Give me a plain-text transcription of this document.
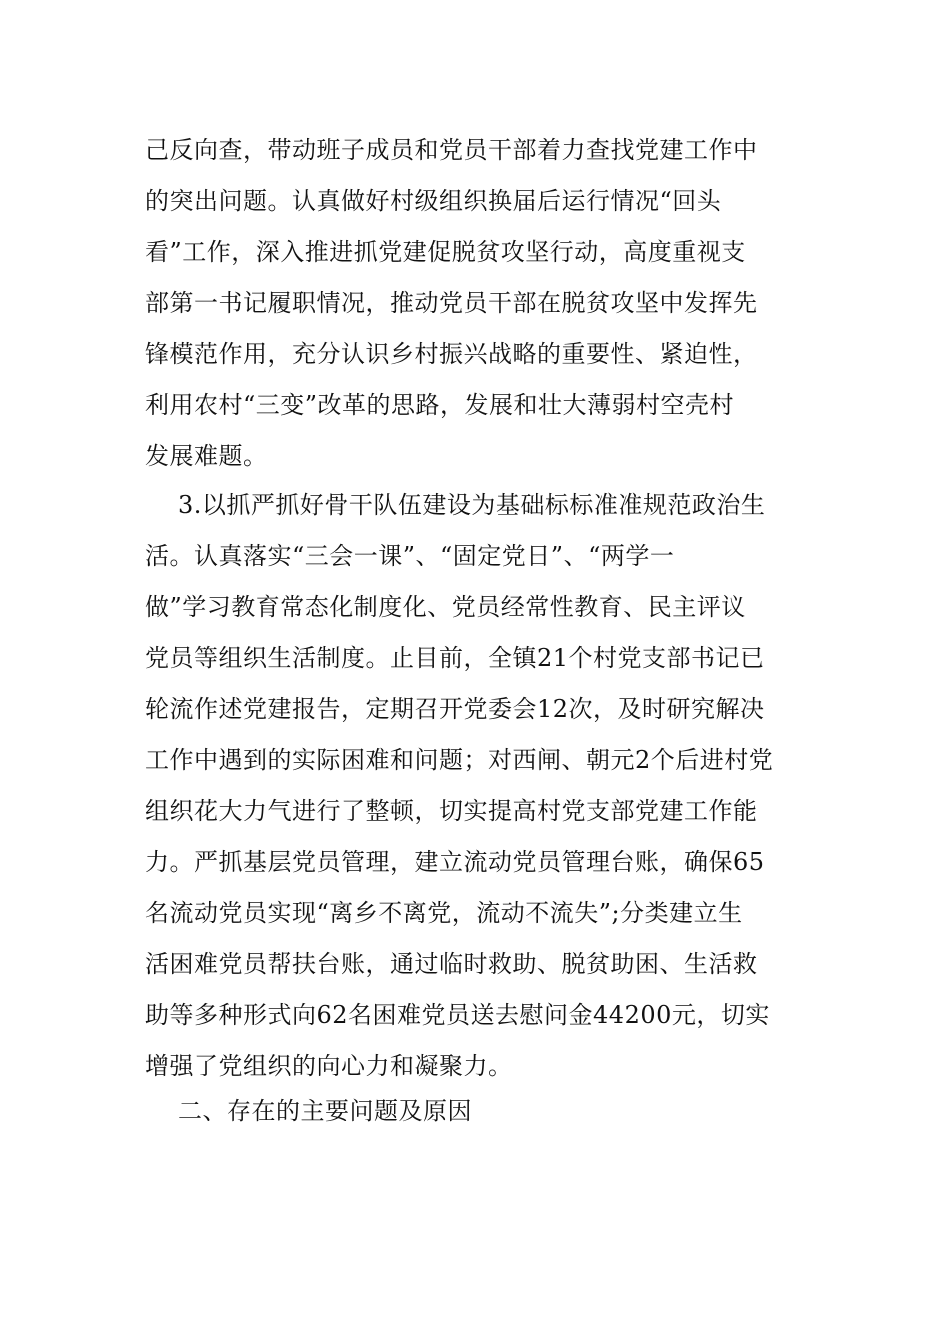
己反向查，带动班子成员和党员干部着力查找党建工作中
的突出问题。认真做好村级组织换届后运行情况“回头
看”工作，深入推进抓党建促脱贫攻坚行动，高度重视支
部第一书记履职情况，推动党员干部在脱贫攻坚中发挥先
锋模范作用，充分认识乡村振兴战略的重要性、紧迫性，
利用农村“三变”改革的思路，发展和壮大薄弱村空壳村
发展难题。
3.以抓严抓好骨干队伍建设为基础标标准准规范政治生
活。认真落实“三会一课”、“固定党日”、“两学一
做”学习教育常态化制度化、党员经常性教育、民主评议
党员等组织生活制度。止目前，全镇21个村党支部书记已
轮流作述党建报告，定期召开党委会12次，及时研究解决
工作中遇到的实际困难和问题；对西闸、朝元2个后进村党
组织花大力气进行了整顿，切实提高村党支部党建工作能
力。严抓基层党员管理，建立流动党员管理台账，确保65
名流动党员实现“离乡不离党，流动不流失”;分类建立生
活困难党员帮扶台账，通过临时救助、脱贫助困、生活救
助等多种形式向62名困难党员送去慰问金44200元，切实
增强了党组织的向心力和凝聚力。
二、存在的主要问题及原因
